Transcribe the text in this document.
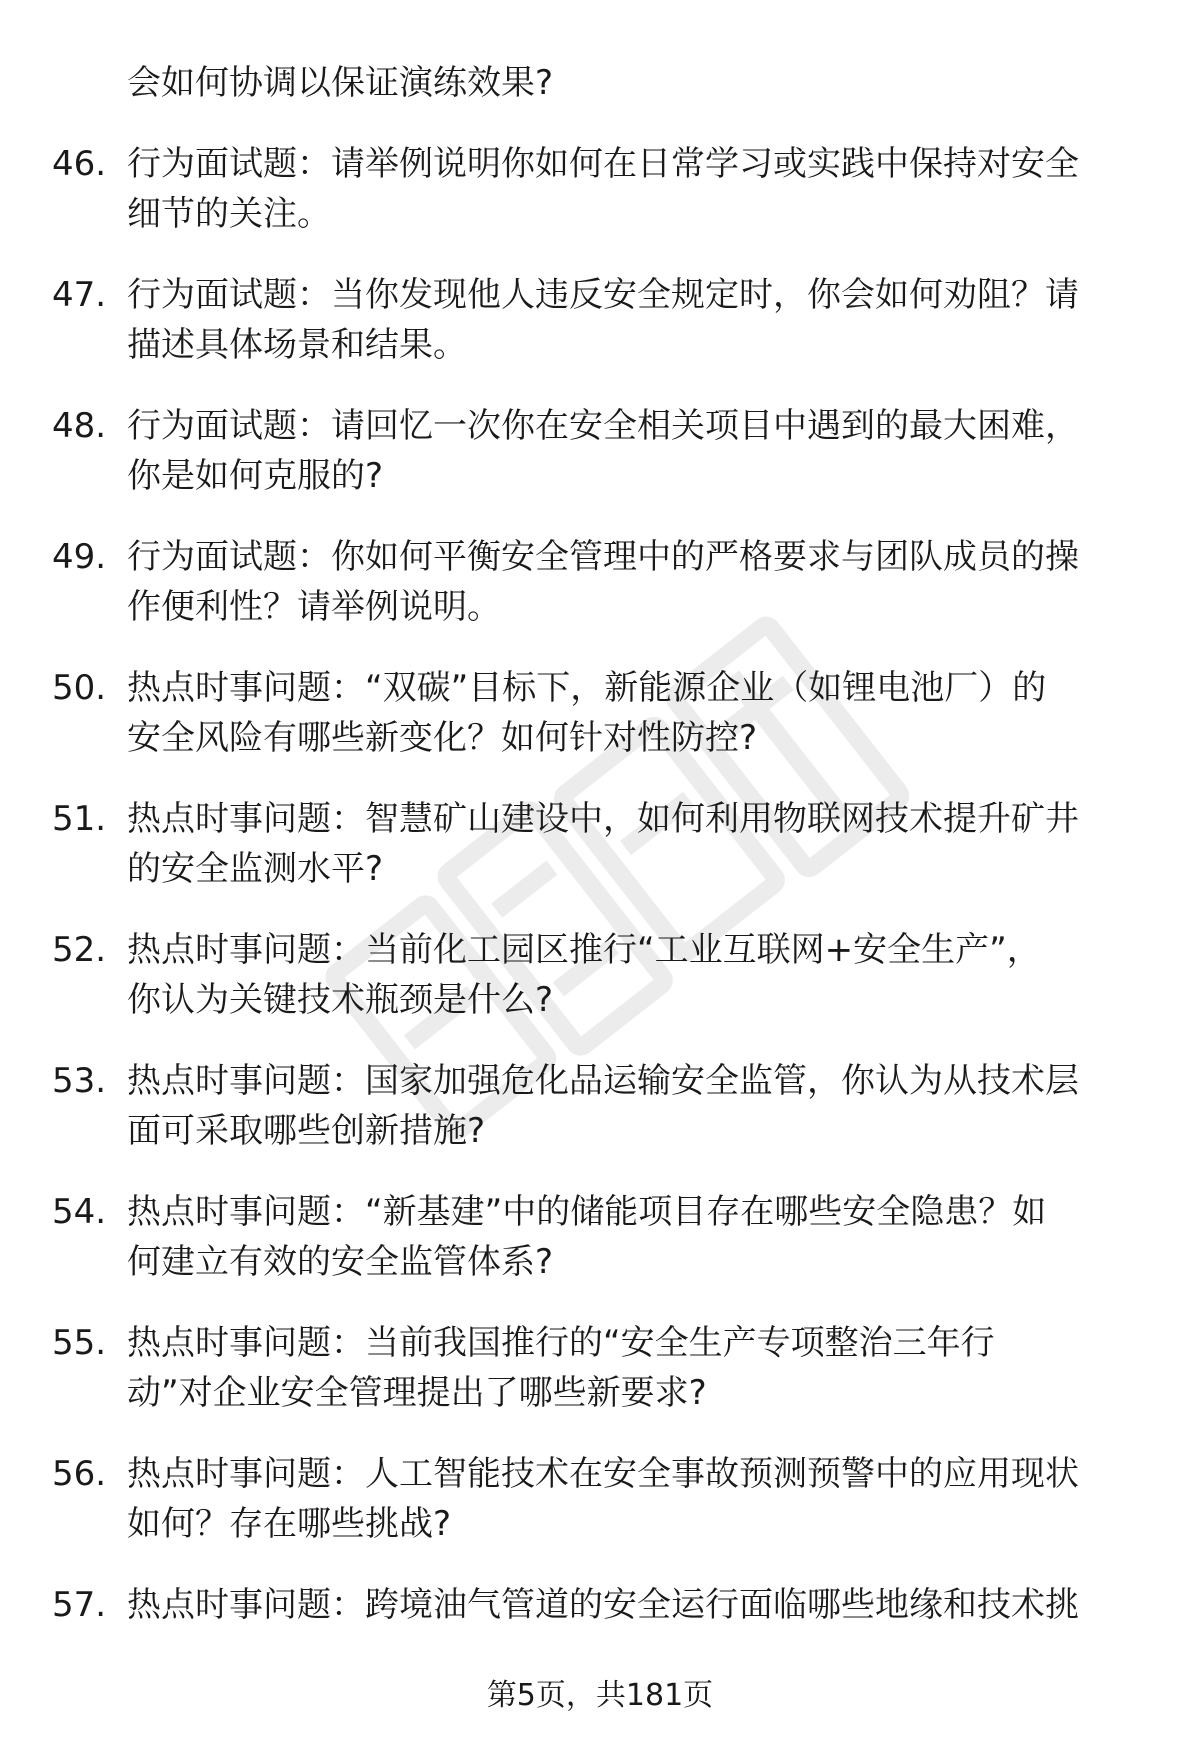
会如何协调以保证演练效果?
46. 行为面试题：请举例说明你如何在日常学习或实践中保持对安全
细节的关注。
47. 行为面试题：当你发现他人违反安全规定时，你会如何劝阻？请
描述具体场景和结果。
48. 行为面试题：请回忆一次你在安全相关项目中遇到的最大困难，
你是如何克服的?
49. 行为面试题：你如何平衡安全管理中的严格要求与团队成员的操
作便利性？请举例说明。
50. 热点时事问题：“双碳”目标下，新能源企业（如锂电池厂）的
安全风险有哪些新变化？如何针对性防控?
51. 热点时事问题：智慧矿山建设中，如何利用物联网技术提升矿井
的安全监测水平?
52. 热点时事问题：当前化工园区推行“工业互联网+安全生产”，
你认为关键技术瓶颈是什么?
53. 热点时事问题：国家加强危化品运输安全监管，你认为从技术层
面可采取哪些创新措施?
54. 热点时事问题：“新基建”中的储能项目存在哪些安全隐患？如
何建立有效的安全监管体系?
55. 热点时事问题：当前我国推行的“安全生产专项整治三年行
动”对企业安全管理提出了哪些新要求?
56. 热点时事问题：人工智能技术在安全事故预测预警中的应用现状
如何？存在哪些挑战?
57. 热点时事问题：跨境油气管道的安全运行面临哪些地缘和技术挑
第5页，共181页
